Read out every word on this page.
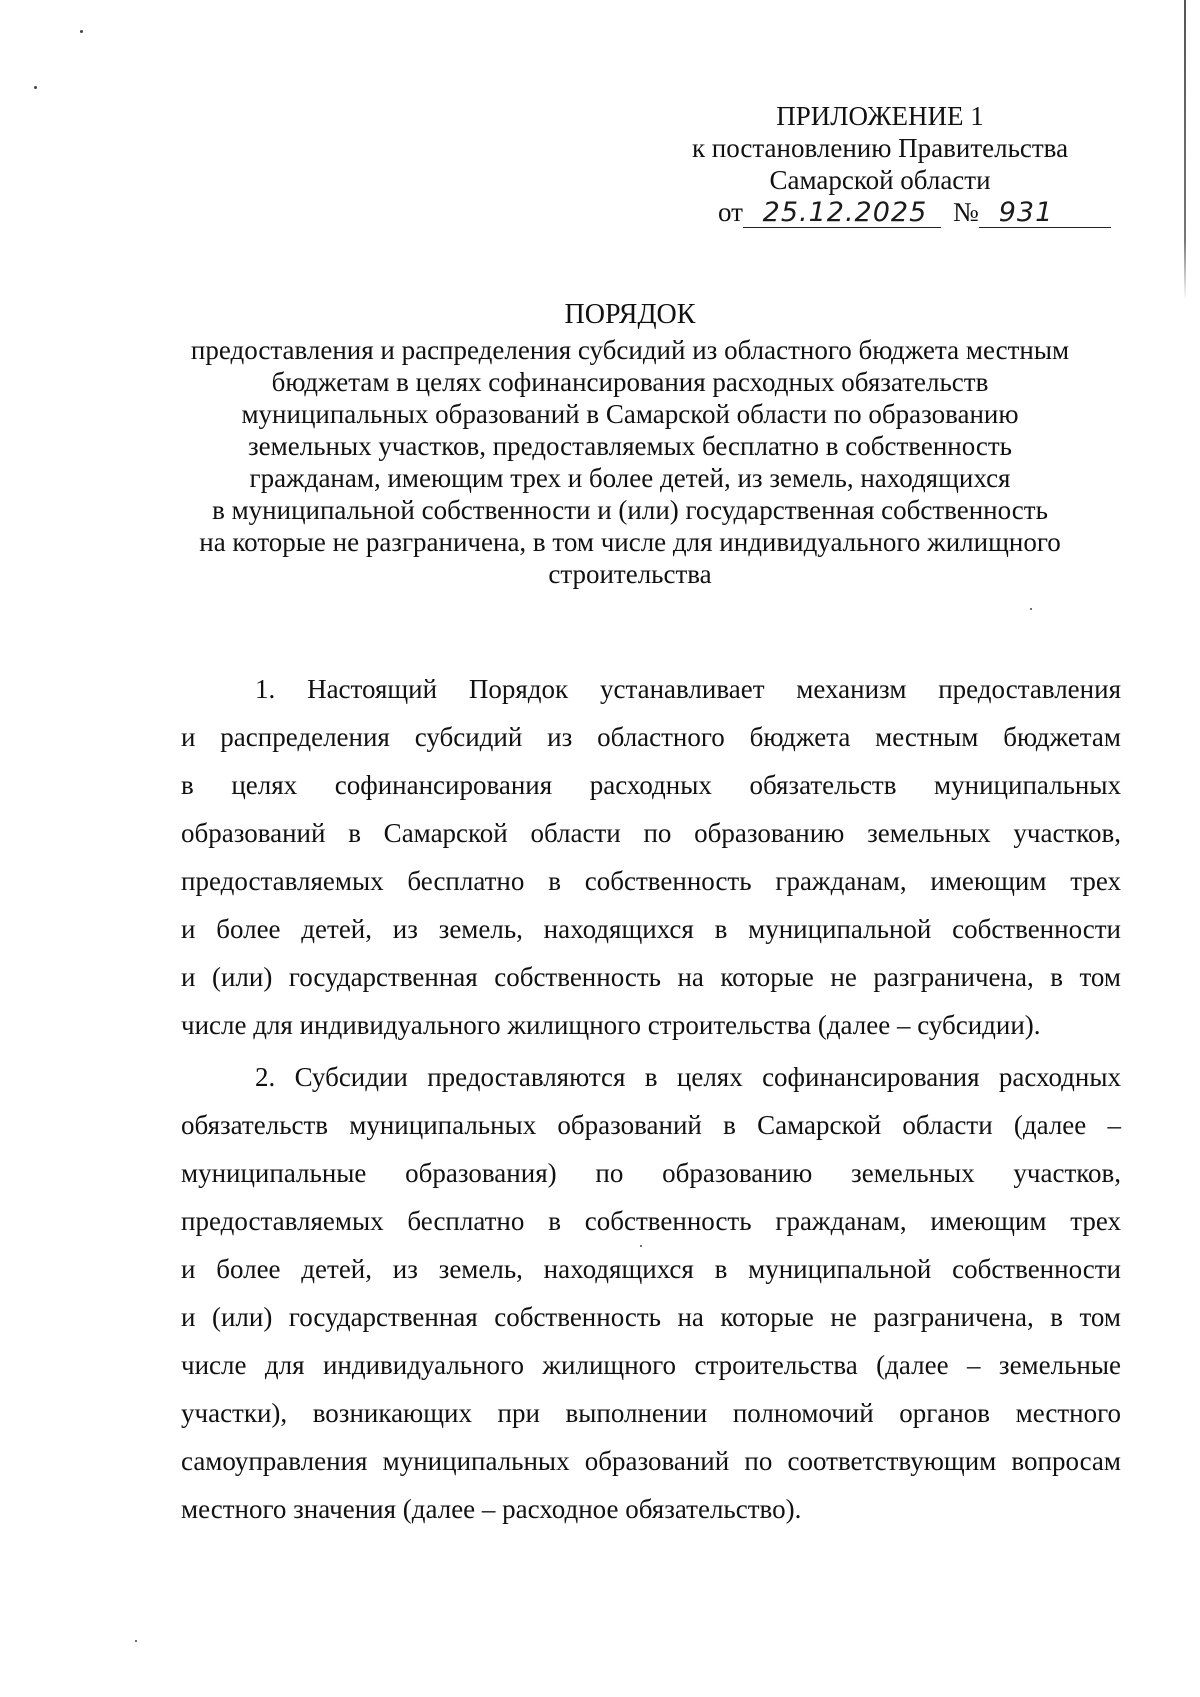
ПРИЛОЖЕНИЕ 1
к постановлению Правительства
Самарской области
от 25.12.2025 № 931
ПОРЯДОК
предоставления и распределения субсидий из областного бюджета местным
бюджетам в целях софинансирования расходных обязательств
муниципальных образований в Самарской области по образованию
земельных участков, предоставляемых бесплатно в собственность
гражданам, имеющим трех и более детей, из земель, находящихся
в муниципальной собственности и (или) государственная собственность
на которые не разграничена, в том числе для индивидуального жилищного
строительства
1. Настоящий Порядок устанавливает механизм предоставления
и распределения субсидий из областного бюджета местным бюджетам
в целях софинансирования расходных обязательств муниципальных
образований в Самарской области по образованию земельных участков,
предоставляемых бесплатно в собственность гражданам, имеющим трех
и более детей, из земель, находящихся в муниципальной собственности
и (или) государственная собственность на которые не разграничена, в том
числе для индивидуального жилищного строительства (далее – субсидии).
2. Субсидии предоставляются в целях софинансирования расходных
обязательств муниципальных образований в Самарской области (далее –
муниципальные образования) по образованию земельных участков,
предоставляемых бесплатно в собственность гражданам, имеющим трех
и более детей, из земель, находящихся в муниципальной собственности
и (или) государственная собственность на которые не разграничена, в том
числе для индивидуального жилищного строительства (далее – земельные
участки), возникающих при выполнении полномочий органов местного
самоуправления муниципальных образований по соответствующим вопросам
местного значения (далее – расходное обязательство).
